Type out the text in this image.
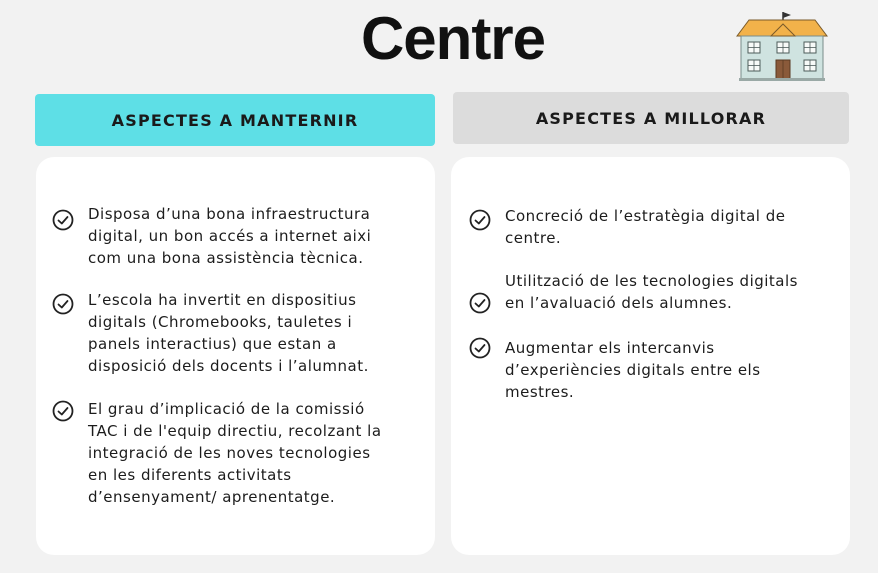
Centre
ASPECTES A MANTERNIR	ASPECTES A MILLORAR
Disposa d’una bona infraestructura
digital, un bon accés a internet aixi
com una bona assistència tècnica.
L’escola ha invertit en dispositius
digitals (Chromebooks, tauletes i
panels interactius) que estan a
disposició dels docents i l’alumnat.
El grau d’implicació de la comissió
TAC i de l'equip directiu, recolzant la
integració de les noves tecnologies
en les diferents activitats
d’ensenyament/ aprenentatge.
Concreció de l’estratègia digital de
centre.
Utilització de les tecnologies digitals
en l’avaluació dels alumnes.
Augmentar els intercanvis
d’experiències digitals entre els
mestres.
